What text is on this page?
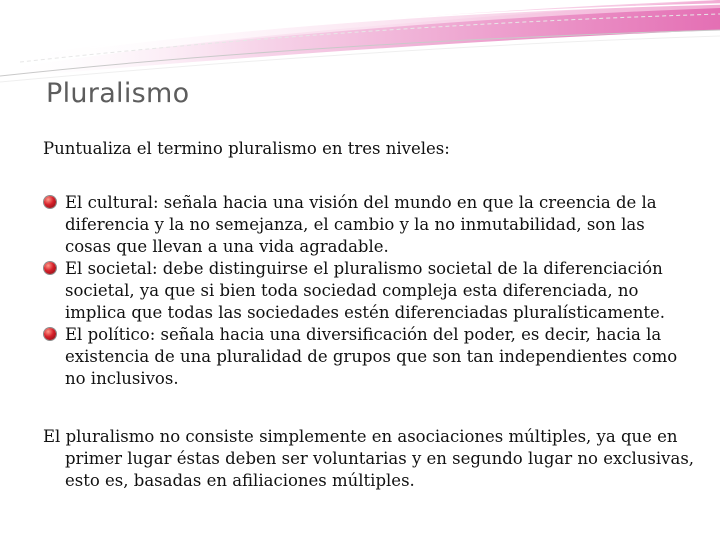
Pluralismo
Puntualiza el termino pluralismo en tres niveles:
El cultural: señala hacia una visión del mundo en que la creencia de la diferencia y la no semejanza, el cambio y la no inmutabilidad, son las cosas que llevan a una vida agradable.
El societal: debe distinguirse el pluralismo societal de la diferenciación societal, ya que si bien toda sociedad compleja esta diferenciada, no implica que todas las sociedades estén diferenciadas pluralísticamente.
El político: señala hacia una diversificación del poder, es decir, hacia la existencia de una pluralidad de grupos que son tan independientes como no inclusivos.
El pluralismo no consiste simplemente en asociaciones múltiples, ya que en primer lugar éstas deben ser voluntarias y en segundo lugar no exclusivas, esto es, basadas en afiliaciones múltiples.
